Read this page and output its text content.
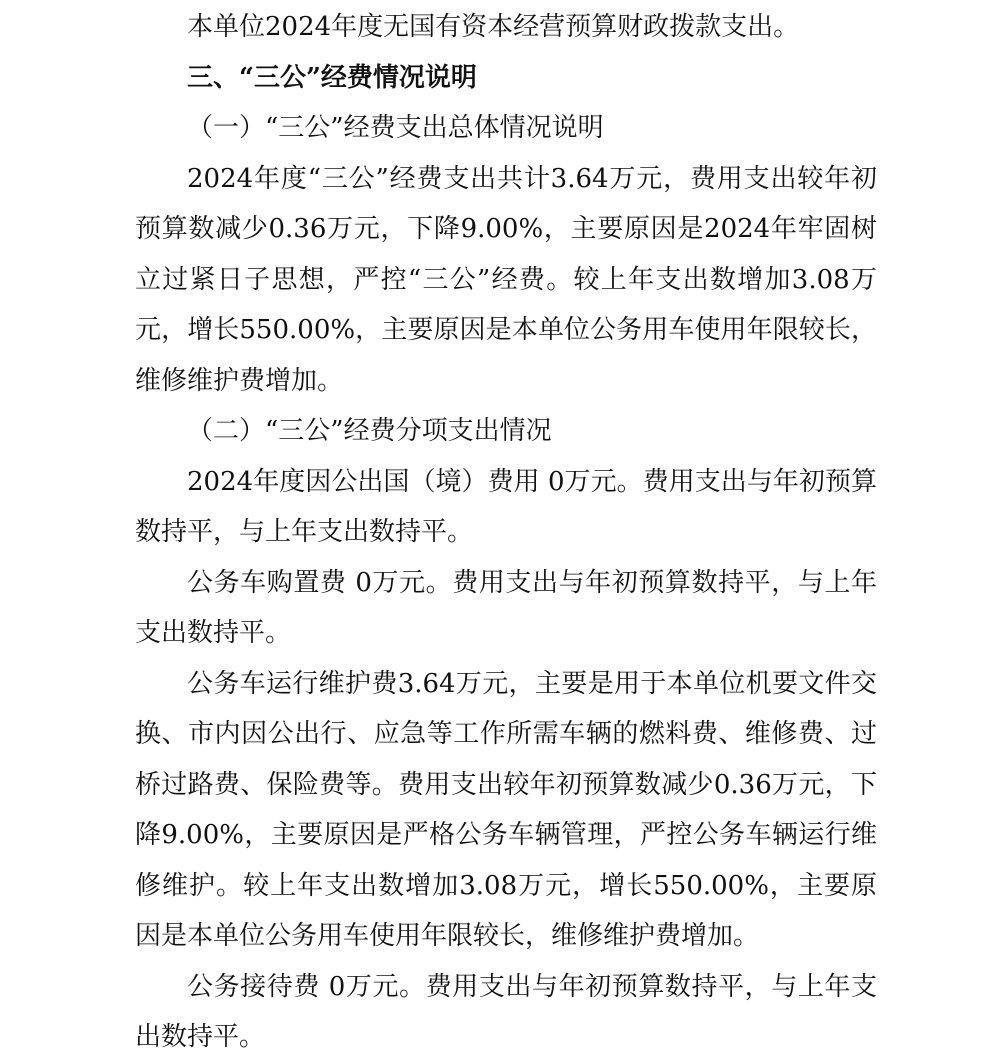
本单位2024年度无国有资本经营预算财政拨款支出。

三、“三公”经费情况说明

（一）“三公”经费支出总体情况说明

2024年度“三公”经费支出共计3.64万元，费用支出较年初预算数减少0.36万元，下降9.00%，主要原因是2024年牢固树立过紧日子思想，严控“三公”经费。较上年支出数增加3.08万元，增长550.00%，主要原因是本单位公务用车使用年限较长，维修维护费增加。

（二）“三公”经费分项支出情况

2024年度因公出国（境）费用 0万元。费用支出与年初预算数持平，与上年支出数持平。

公务车购置费 0万元。费用支出与年初预算数持平，与上年支出数持平。

公务车运行维护费3.64万元，主要是用于本单位机要文件交换、市内因公出行、应急等工作所需车辆的燃料费、维修费、过桥过路费、保险费等。费用支出较年初预算数减少0.36万元，下降9.00%，主要原因是严格公务车辆管理，严控公务车辆运行维修维护。较上年支出数增加3.08万元，增长550.00%，主要原因是本单位公务用车使用年限较长，维修维护费增加。

公务接待费 0万元。费用支出与年初预算数持平，与上年支出数持平。
